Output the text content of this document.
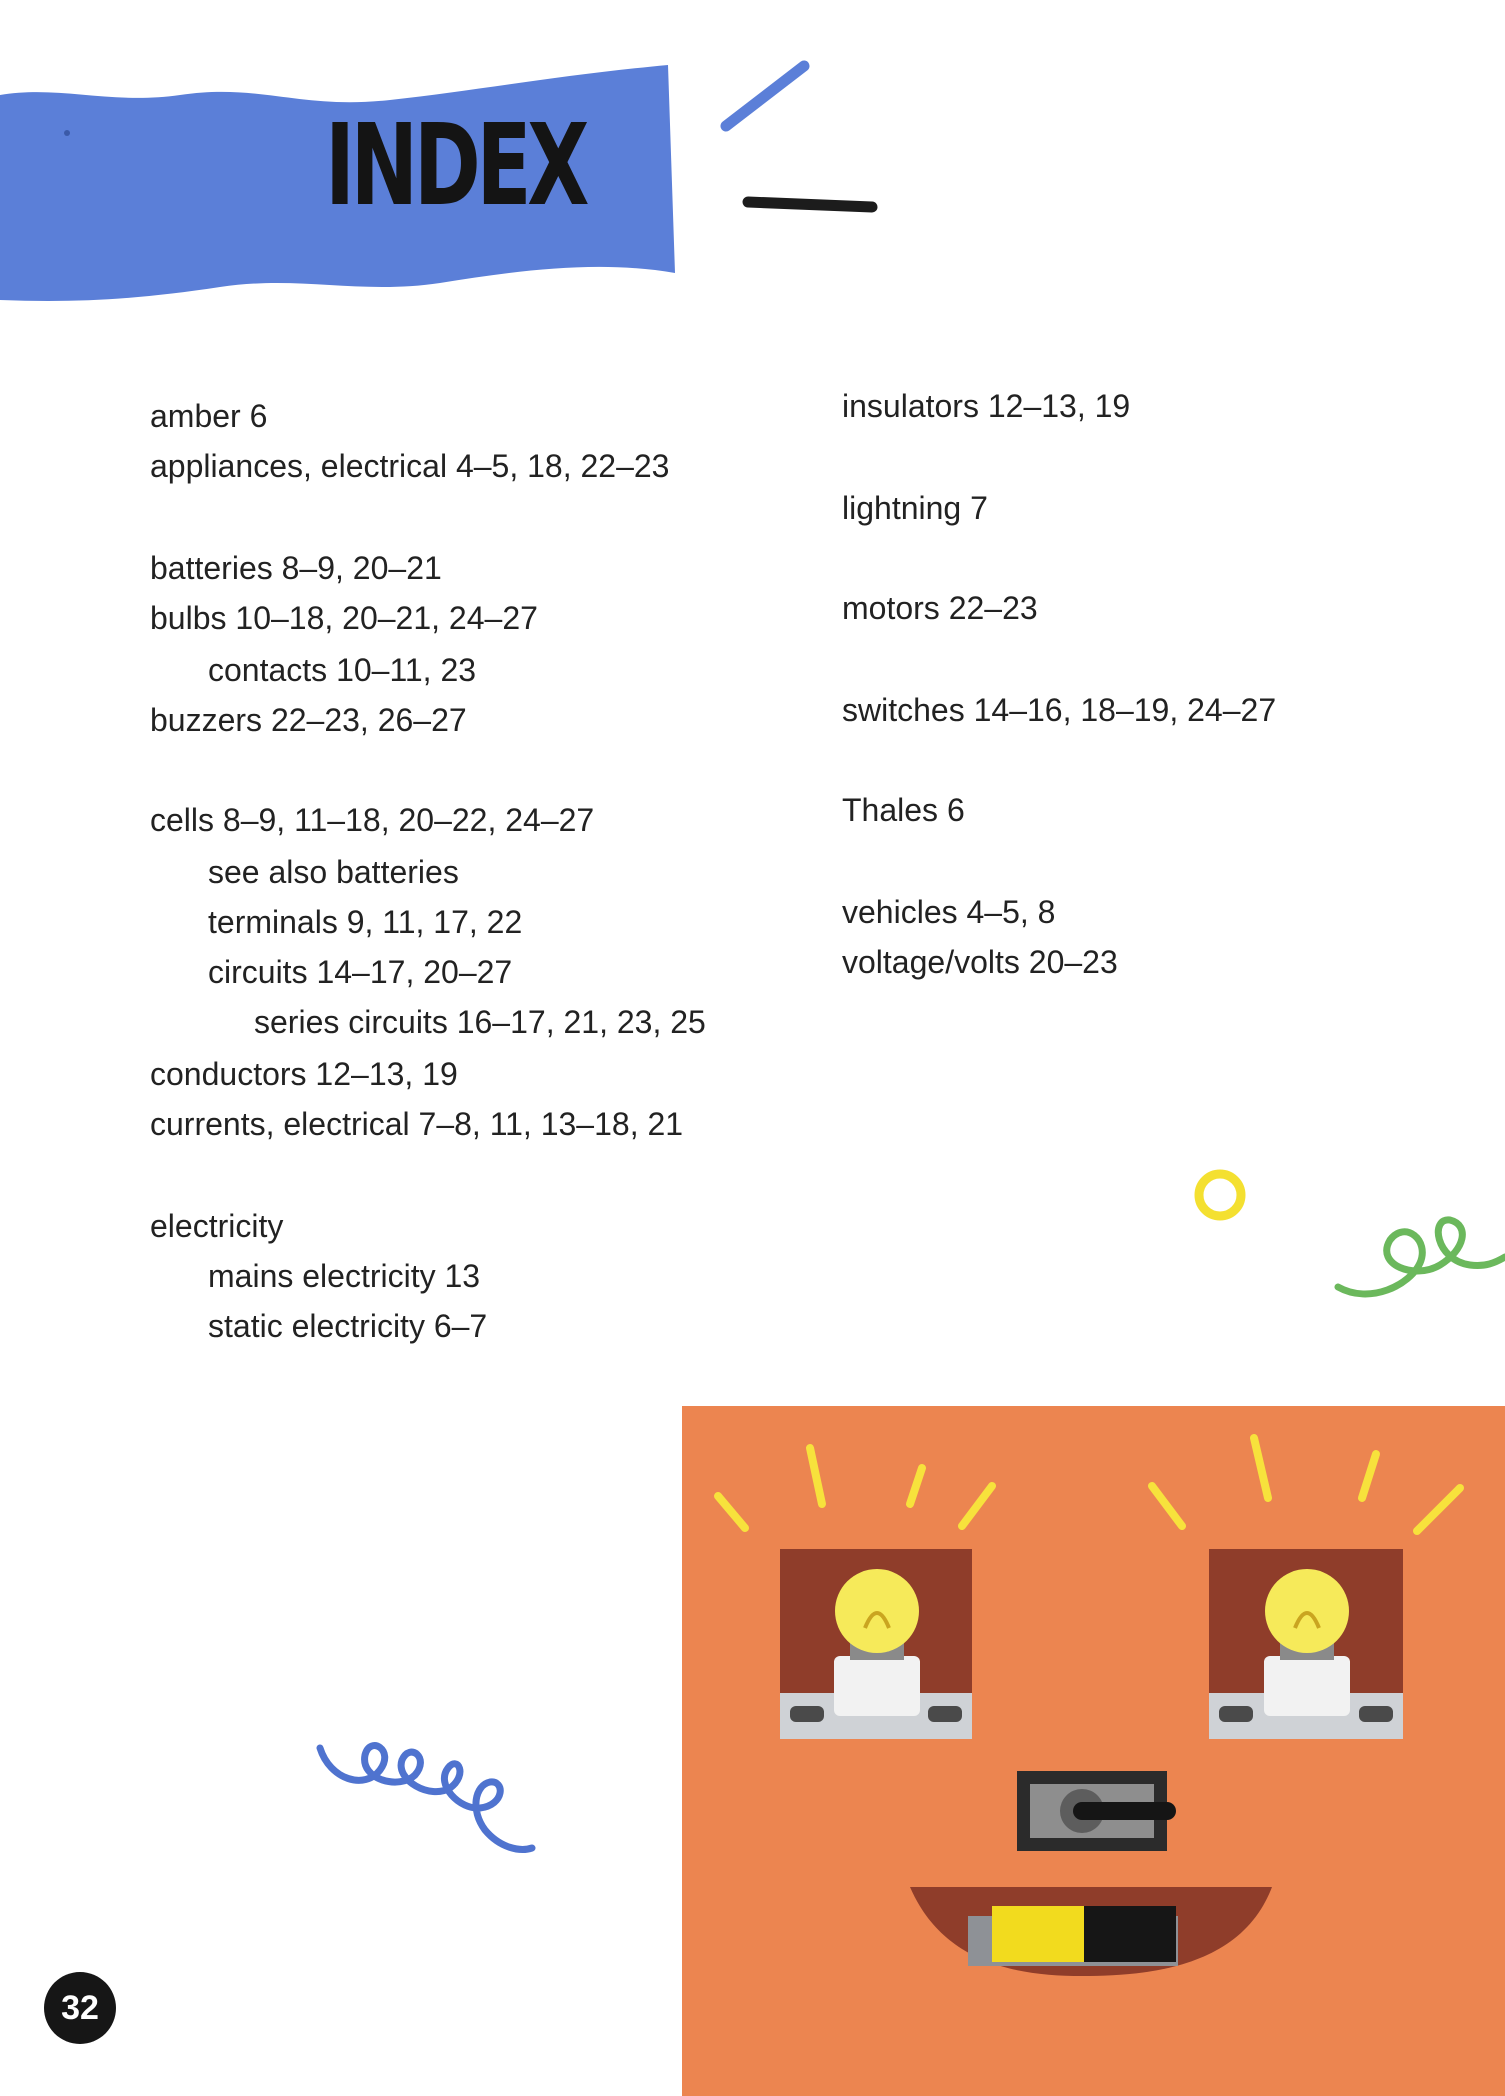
INDEX
amber 6
appliances, electrical 4–5, 18, 22–23
batteries 8–9, 20–21
bulbs 10–18, 20–21, 24–27
contacts 10–11, 23
buzzers 22–23, 26–27
cells 8–9, 11–18, 20–22, 24–27
see also batteries
terminals 9, 11, 17, 22
circuits 14–17, 20–27
series circuits 16–17, 21, 23, 25
conductors 12–13, 19
currents, electrical 7–8, 11, 13–18, 21
electricity
mains electricity 13
static electricity 6–7
insulators 12–13, 19
lightning 7
motors 22–23
switches 14–16, 18–19, 24–27
Thales 6
vehicles 4–5, 8
voltage/volts 20–23
32
